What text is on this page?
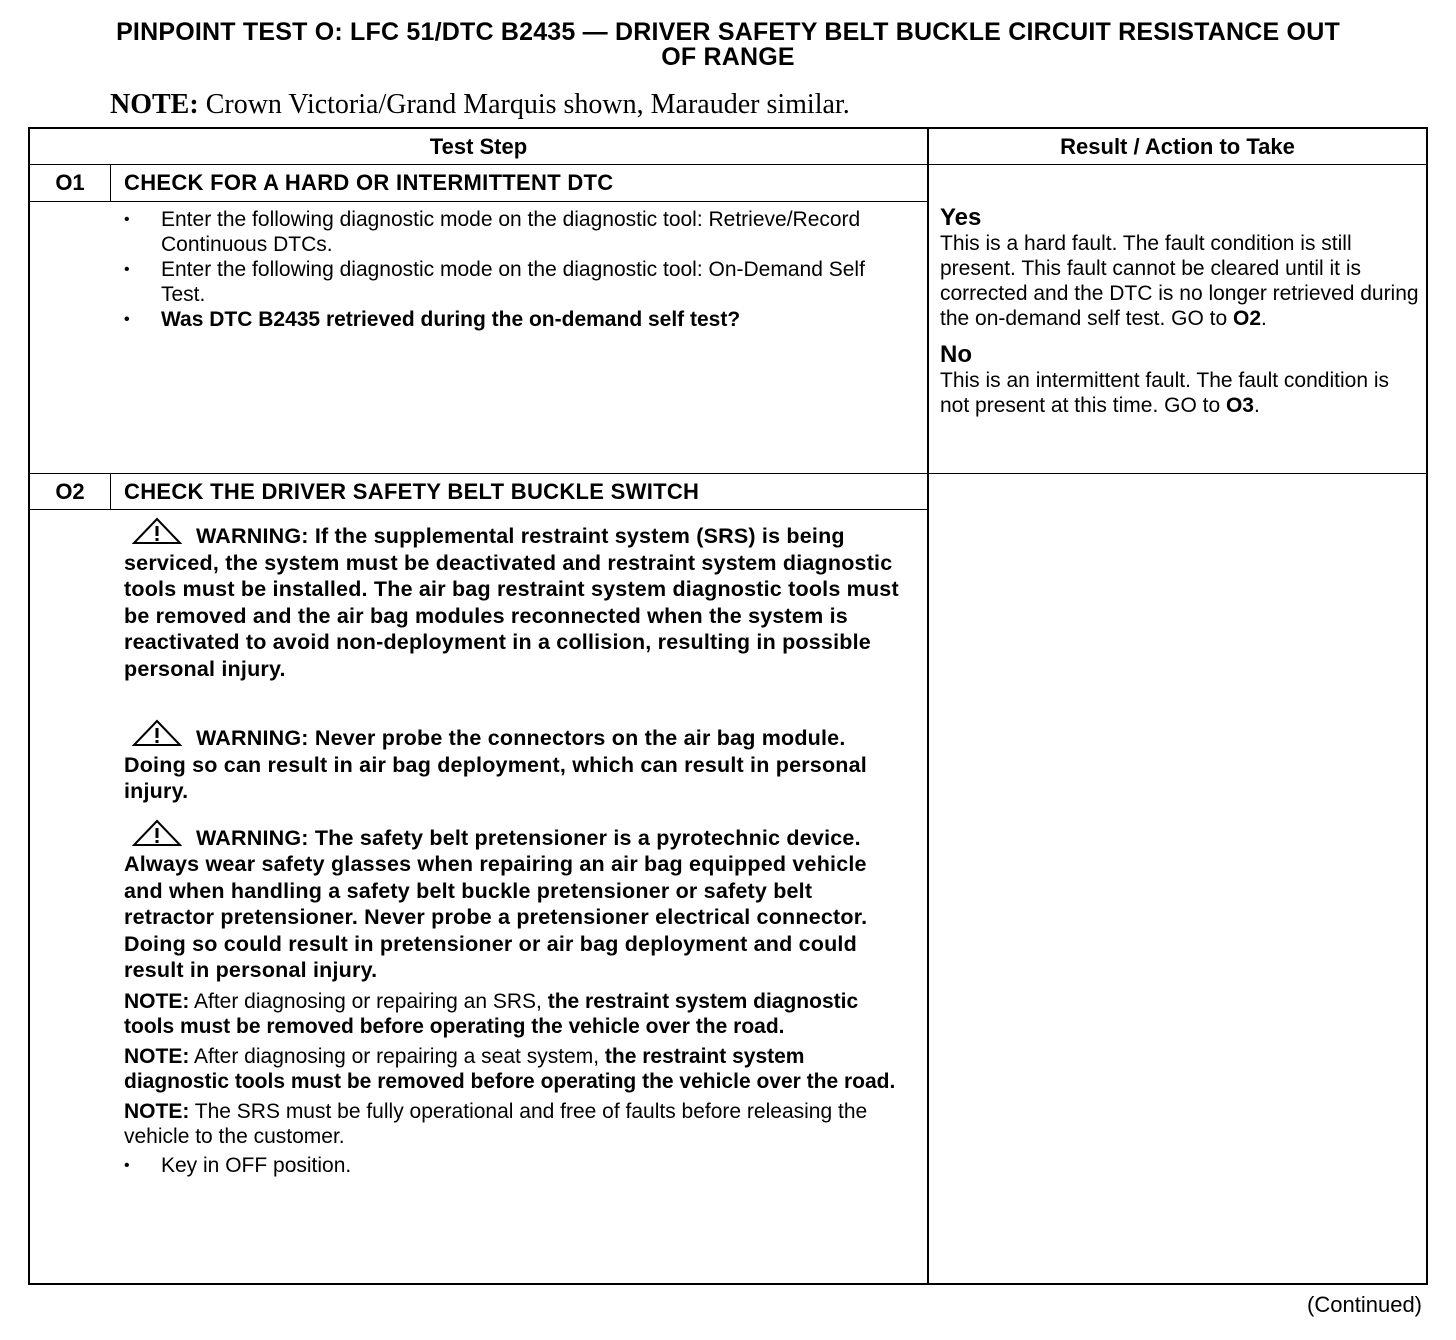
PINPOINT TEST O: LFC 51/DTC B2435 — DRIVER SAFETY BELT BUCKLE CIRCUIT RESISTANCE OUT
OF RANGE
NOTE: Crown Victoria/Grand Marquis shown, Marauder similar.
Test Step	Result / Action to Take
O1	CHECK FOR A HARD OR INTERMITTENT DTC
• Enter the following diagnostic mode on the diagnostic tool: Retrieve/Record Continuous DTCs.
• Enter the following diagnostic mode on the diagnostic tool: On-Demand Self Test.
• Was DTC B2435 retrieved during the on-demand self test?
Yes
This is a hard fault. The fault condition is still present. This fault cannot be cleared until it is corrected and the DTC is no longer retrieved during the on-demand self test. GO to O2.
No
This is an intermittent fault. The fault condition is not present at this time. GO to O3.
O2	CHECK THE DRIVER SAFETY BELT BUCKLE SWITCH
WARNING: If the supplemental restraint system (SRS) is being serviced, the system must be deactivated and restraint system diagnostic tools must be installed. The air bag restraint system diagnostic tools must be removed and the air bag modules reconnected when the system is reactivated to avoid non-deployment in a collision, resulting in possible personal injury.
WARNING: Never probe the connectors on the air bag module. Doing so can result in air bag deployment, which can result in personal injury.
WARNING: The safety belt pretensioner is a pyrotechnic device. Always wear safety glasses when repairing an air bag equipped vehicle and when handling a safety belt buckle pretensioner or safety belt retractor pretensioner. Never probe a pretensioner electrical connector. Doing so could result in pretensioner or air bag deployment and could result in personal injury.
NOTE: After diagnosing or repairing an SRS, the restraint system diagnostic tools must be removed before operating the vehicle over the road.
NOTE: After diagnosing or repairing a seat system, the restraint system diagnostic tools must be removed before operating the vehicle over the road.
NOTE: The SRS must be fully operational and free of faults before releasing the vehicle to the customer.
• Key in OFF position.
(Continued)
